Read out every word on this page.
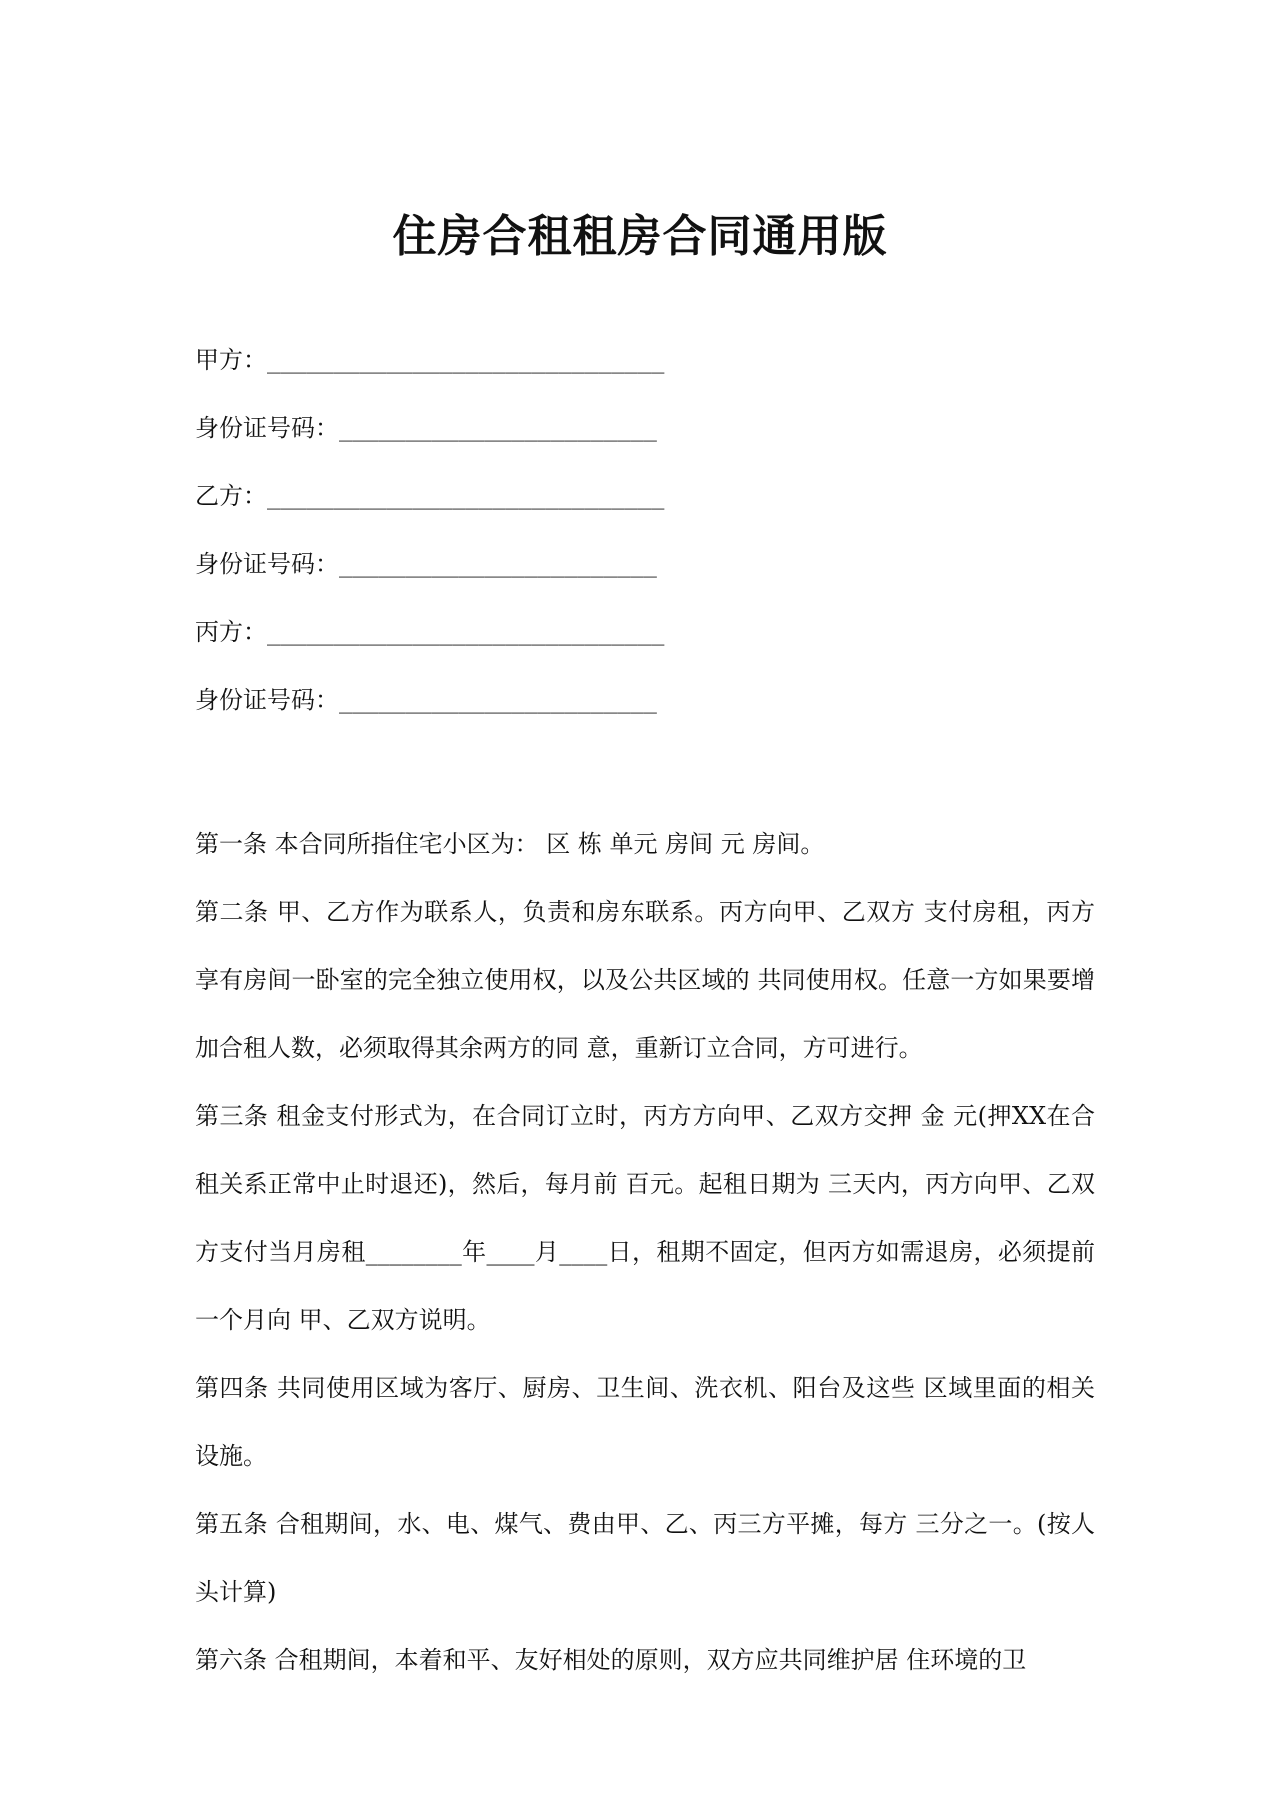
住房合租租房合同通用版
甲方：______________________________
身份证号码：________________________
乙方：______________________________
身份证号码：________________________
丙方：______________________________
身份证号码：________________________

第一条 本合同所指住宅小区为： 区 栋 单元 房间 元 房间。

第二条 甲、乙方作为联系人，负责和房东联系。丙方向甲、乙双方 支付房租，丙方享有房间一卧室的完全独立使用权，以及公共区域的 共同使用权。任意一方如果要增加合租人数，必须取得其余两方的同 意，重新订立合同，方可进行。

第三条 租金支付形式为，在合同订立时，丙方方向甲、乙双方交押 金 元(押XX在合租关系正常中止时退还)，然后，每月前 百元。起租日期为 三天内，丙方向甲、乙双方支付当月房租________年____月____日，租期不固定，但丙方如需退房，必须提前一个月向 甲、乙双方说明。

第四条 共同使用区域为客厅、厨房、卫生间、洗衣机、阳台及这些 区域里面的相关设施。

第五条 合租期间，水、电、煤气、费由甲、乙、丙三方平摊，每方 三分之一。(按人头计算)

第六条 合租期间，本着和平、友好相处的原则，双方应共同维护居 住环境的卫
